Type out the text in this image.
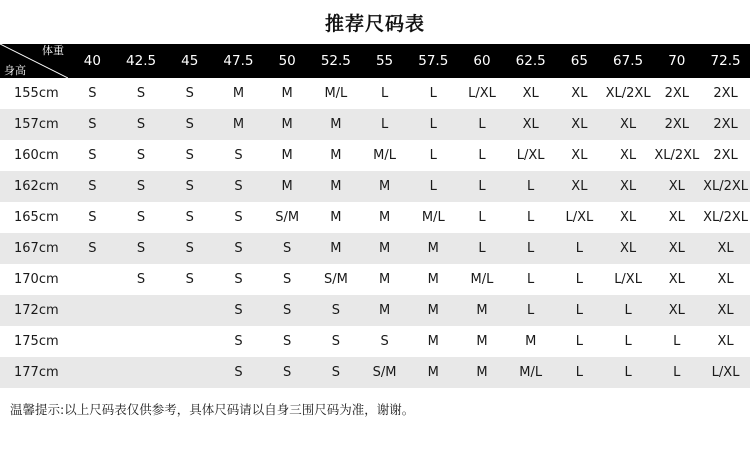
推荐尺码表
体重
身高	40	42.5	45	47.5	50	52.5	55	57.5	60	62.5	65	67.5	70	72.5
155cm	S	S	S	M	M	M/L	L	L	L/XL	XL	XL	XL/2XL	2XL	2XL
157cm	S	S	S	M	M	M	L	L	L	XL	XL	XL	2XL	2XL
160cm	S	S	S	S	M	M	M/L	L	L	L/XL	XL	XL	XL/2XL	2XL
162cm	S	S	S	S	M	M	M	L	L	L	XL	XL	XL	XL/2XL
165cm	S	S	S	S	S/M	M	M	M/L	L	L	L/XL	XL	XL	XL/2XL
167cm	S	S	S	S	S	M	M	M	L	L	L	XL	XL	XL
170cm		S	S	S	S	S/M	M	M	M/L	L	L	L/XL	XL	XL
172cm				S	S	S	M	M	M	L	L	L	XL	XL
175cm				S	S	S	S	M	M	M	L	L	L	XL
177cm				S	S	S	S/M	M	M	M/L	L	L	L	L/XL
温馨提示:以上尺码表仅供参考，具体尺码请以自身三围尺码为准，谢谢。
